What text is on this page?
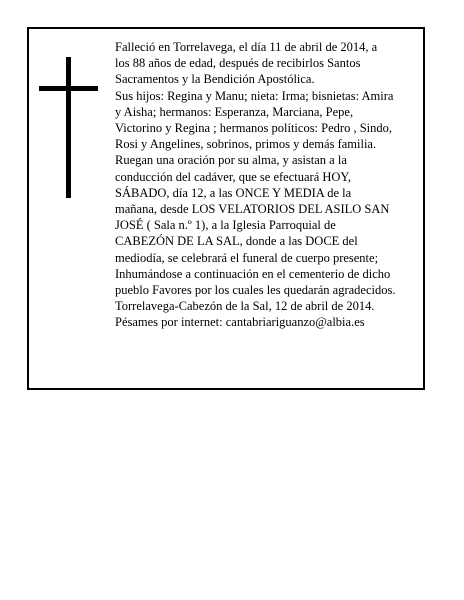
Falleció en Torrelavega, el día 11 de abril de 2014, a
los 88 años de edad, después de recibirlos Santos
Sacramentos y la Bendición Apostólica.
Sus hijos: Regina y Manu; nieta: Irma; bisnietas: Amira
y Aisha; hermanos: Esperanza, Marciana, Pepe,
Victorino y Regina ; hermanos políticos: Pedro , Sindo,
Rosi y Angelines, sobrinos, primos y demás familia.
Ruegan una oración por su alma, y asistan a la
conducción del cadáver, que se efectuará HOY,
SÁBADO, día 12, a las ONCE Y MEDIA de la
mañana, desde LOS VELATORIOS DEL ASILO SAN
JOSÉ ( Sala n.º 1), a la Iglesia Parroquial de
CABEZÓN DE LA SAL, donde a las DOCE del
mediodía, se celebrará el funeral de cuerpo presente;
Inhumándose a continuación en el cementerio de dicho
pueblo Favores por los cuales les quedarán agradecidos.
Torrelavega-Cabezón de la Sal, 12 de abril de 2014.
Pésames por internet: cantabriariguanzo@albia.es
